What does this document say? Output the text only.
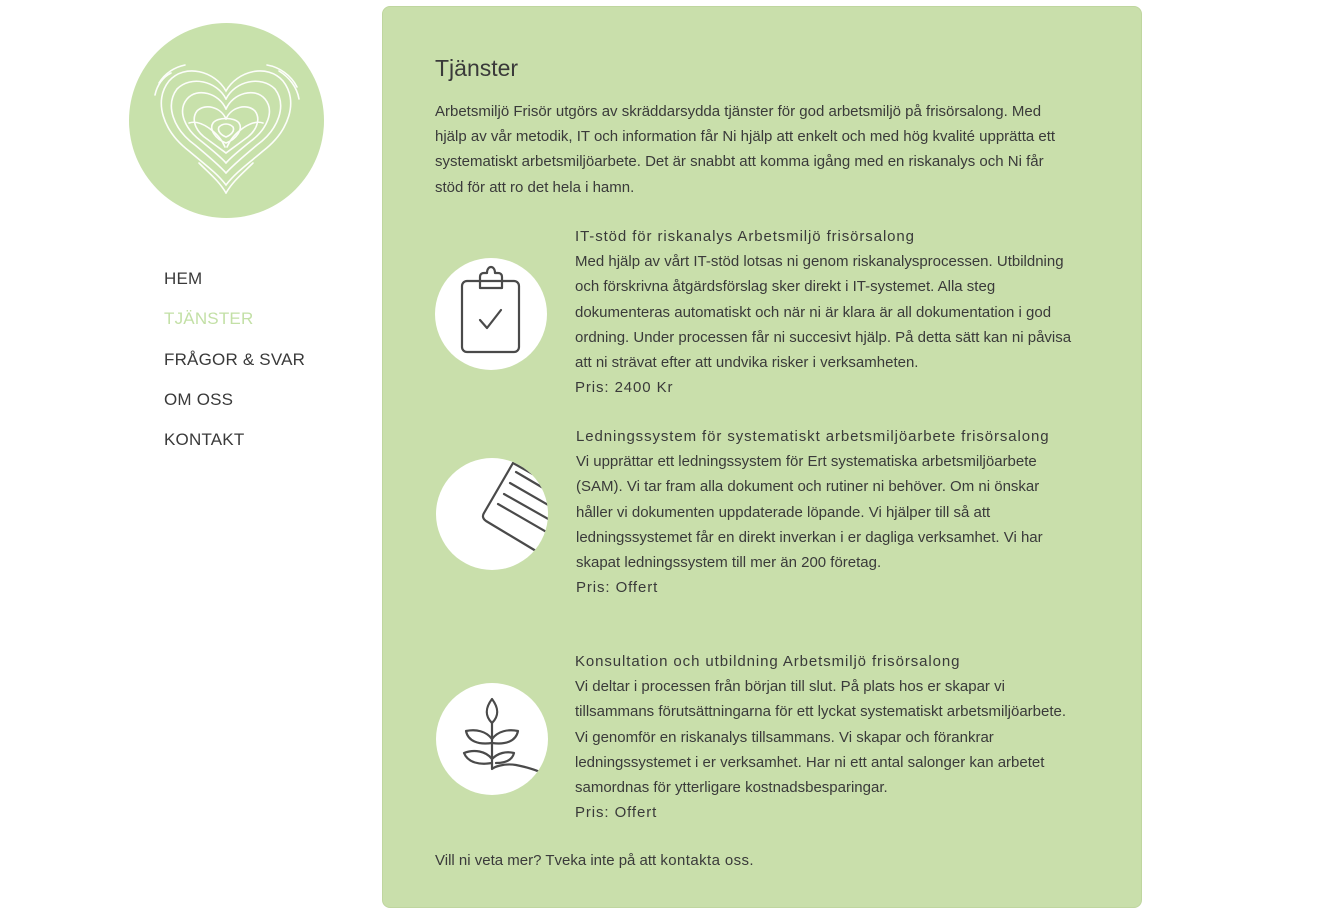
HEM
TJÄNSTER
FRÅGOR & SVAR
OM OSS
KONTAKT
Tjänster

Arbetsmiljö Frisör utgörs av skräddarsydda tjänster för god arbetsmiljö på frisörsalong. Med hjälp av vår metodik, IT och information får Ni hjälp att enkelt och med hög kvalité upprätta ett systematiskt arbetsmiljöarbete. Det är snabbt att komma igång med en riskanalys och Ni får stöd för att ro det hela i hamn.

IT-stöd för riskanalys Arbetsmiljö frisörsalong

Med hjälp av vårt IT-stöd lotsas ni genom riskanalysprocessen. Utbildning och förskrivna åtgärdsförslag sker direkt i IT-systemet. Alla steg dokumenteras automatiskt och när ni är klara är all dokumentation i god ordning. Under processen får ni succesivt hjälp. På detta sätt kan ni påvisa att ni strävat efter att undvika risker i verksamheten.

Pris: 2400 Kr

Ledningssystem för systematiskt arbetsmiljöarbete frisörsalong

Vi upprättar ett ledningssystem för Ert systematiska arbetsmiljöarbete (SAM). Vi tar fram alla dokument och rutiner ni behöver. Om ni önskar håller vi dokumenten uppdaterade löpande. Vi hjälper till så att ledningssystemet får en direkt inverkan i er dagliga verksamhet. Vi har skapat ledningssystem till mer än 200 företag.

Pris: Offert

Konsultation och utbildning Arbetsmiljö frisörsalong

Vi deltar i processen från början till slut. På plats hos er skapar vi tillsammans förutsättningarna för ett lyckat systematiskt arbetsmiljöarbete. Vi genomför en riskanalys tillsammans. Vi skapar och förankrar ledningssystemet i er verksamhet. Har ni ett antal salonger kan arbetet samordnas för ytterligare kostnadsbesparingar.

Pris: Offert

Vill ni veta mer? Tveka inte på att kontakta oss.
